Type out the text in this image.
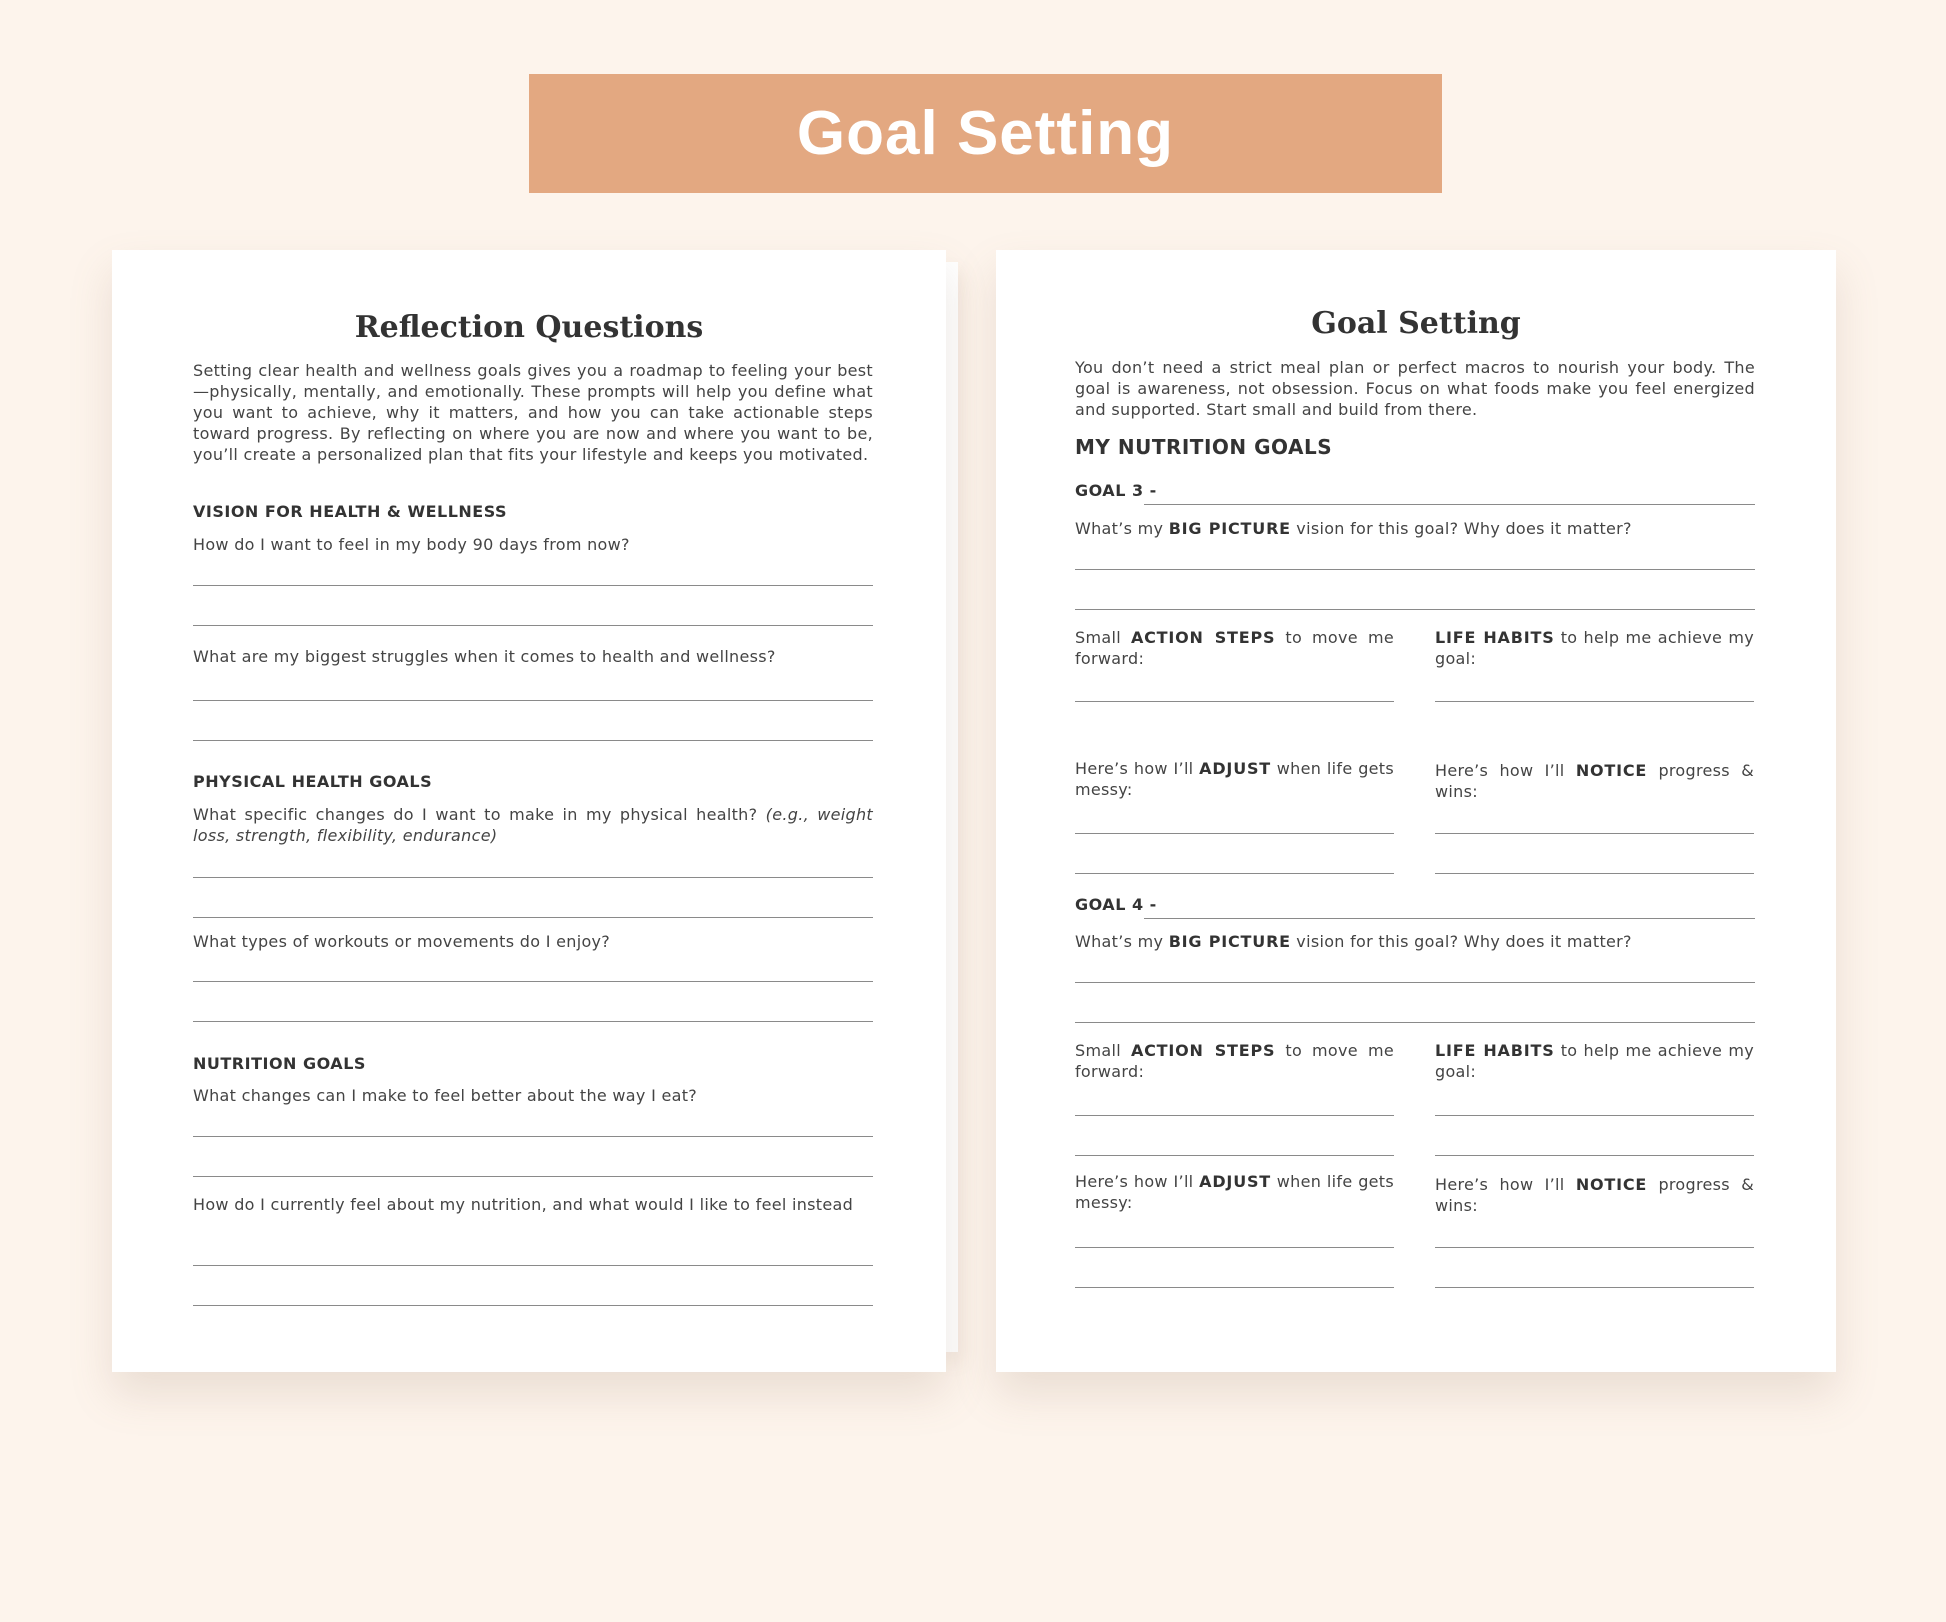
Goal Setting
Reflection Questions
Setting clear health and wellness goals gives you a roadmap to feeling your best—physically, mentally, and emotionally. These prompts will help you define what you want to achieve, why it matters, and how you can take actionable steps toward progress. By reflecting on where you are now and where you want to be, you’ll create a personalized plan that fits your lifestyle and keeps you motivated.
VISION FOR HEALTH & WELLNESS
How do I want to feel in my body 90 days from now?
What are my biggest struggles when it comes to health and wellness?
PHYSICAL HEALTH GOALS
What specific changes do I want to make in my physical health? (e.g., weight loss, strength, flexibility, endurance)
What types of workouts or movements do I enjoy?
NUTRITION GOALS
What changes can I make to feel better about the way I eat?
How do I currently feel about my nutrition, and what would I like to feel instead
Goal Setting
You don’t need a strict meal plan or perfect macros to nourish your body. The goal is awareness, not obsession. Focus on what foods make you feel energized and supported. Start small and build from there.
MY NUTRITION GOALS
GOAL 3 -
What’s my BIG PICTURE vision for this goal? Why does it matter?
Small ACTION STEPS to move me forward:
LIFE HABITS to help me achieve my goal:
Here’s how I’ll ADJUST when life gets messy:
Here’s how I’ll NOTICE progress & wins:
GOAL 4 -
What’s my BIG PICTURE vision for this goal? Why does it matter?
Small ACTION STEPS to move me forward:
LIFE HABITS to help me achieve my goal:
Here’s how I’ll ADJUST when life gets messy:
Here’s how I’ll NOTICE progress & wins:
